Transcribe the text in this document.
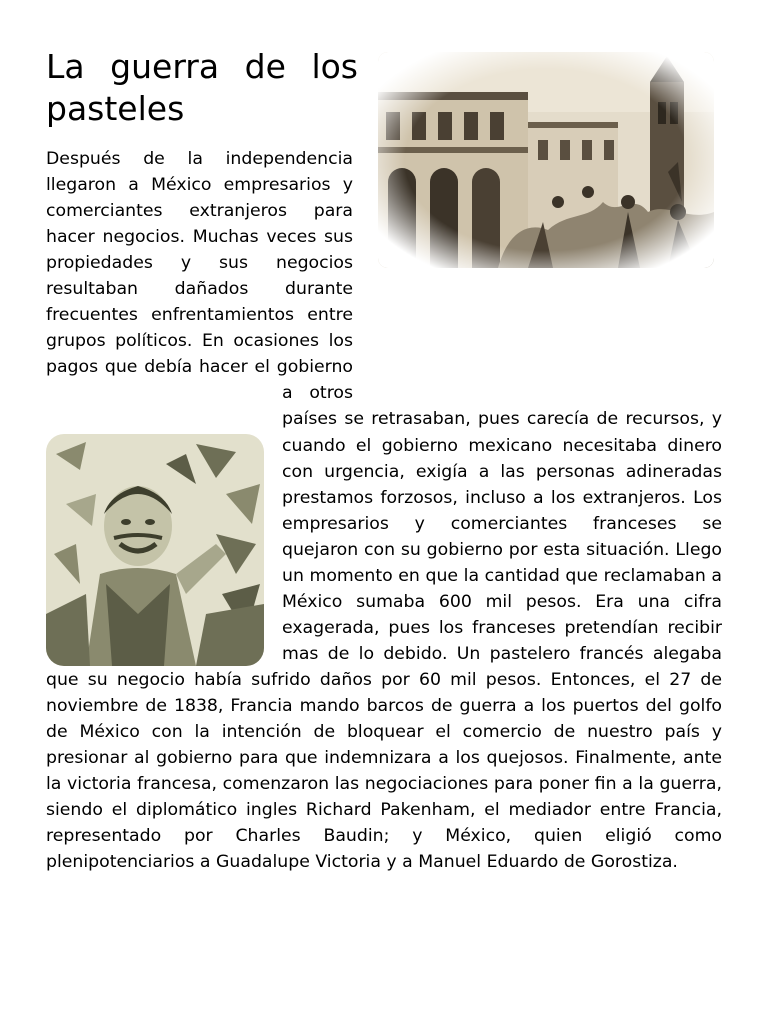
La guerra de los pasteles

Después de la independencia llegaron a México empresarios y comerciantes extranjeros para hacer negocios. Muchas veces sus propiedades y sus negocios resultaban dañados durante frecuentes enfrentamientos entre grupos políticos. En ocasiones los pagos que debía hacer el gobierno a otros países se retrasaban, pues carecía de recursos, y cuando el gobierno mexicano necesitaba dinero con urgencia, exigía a las personas adineradas prestamos forzosos, incluso a los extranjeros. Los empresarios y comerciantes franceses se quejaron con su gobierno por esta situación. Llego un momento en que la cantidad que reclamaban a México sumaba 600 mil pesos. Era una cifra exagerada, pues los franceses pretendían recibir mas de lo debido. Un pastelero francés alegaba que su negocio había sufrido daños por 60 mil pesos. Entonces, el 27 de noviembre de 1838, Francia mando barcos de guerra a los puertos del golfo de México con la intención de bloquear el comercio de nuestro país y presionar al gobierno para que indemnizara a los quejosos. Finalmente, ante la victoria francesa, comenzaron las negociaciones para poner fin a la guerra, siendo el diplomático ingles Richard Pakenham, el mediador entre Francia, representado por Charles Baudin; y México, quien eligió como plenipotenciarios a Guadalupe Victoria y a Manuel Eduardo de Gorostiza.
